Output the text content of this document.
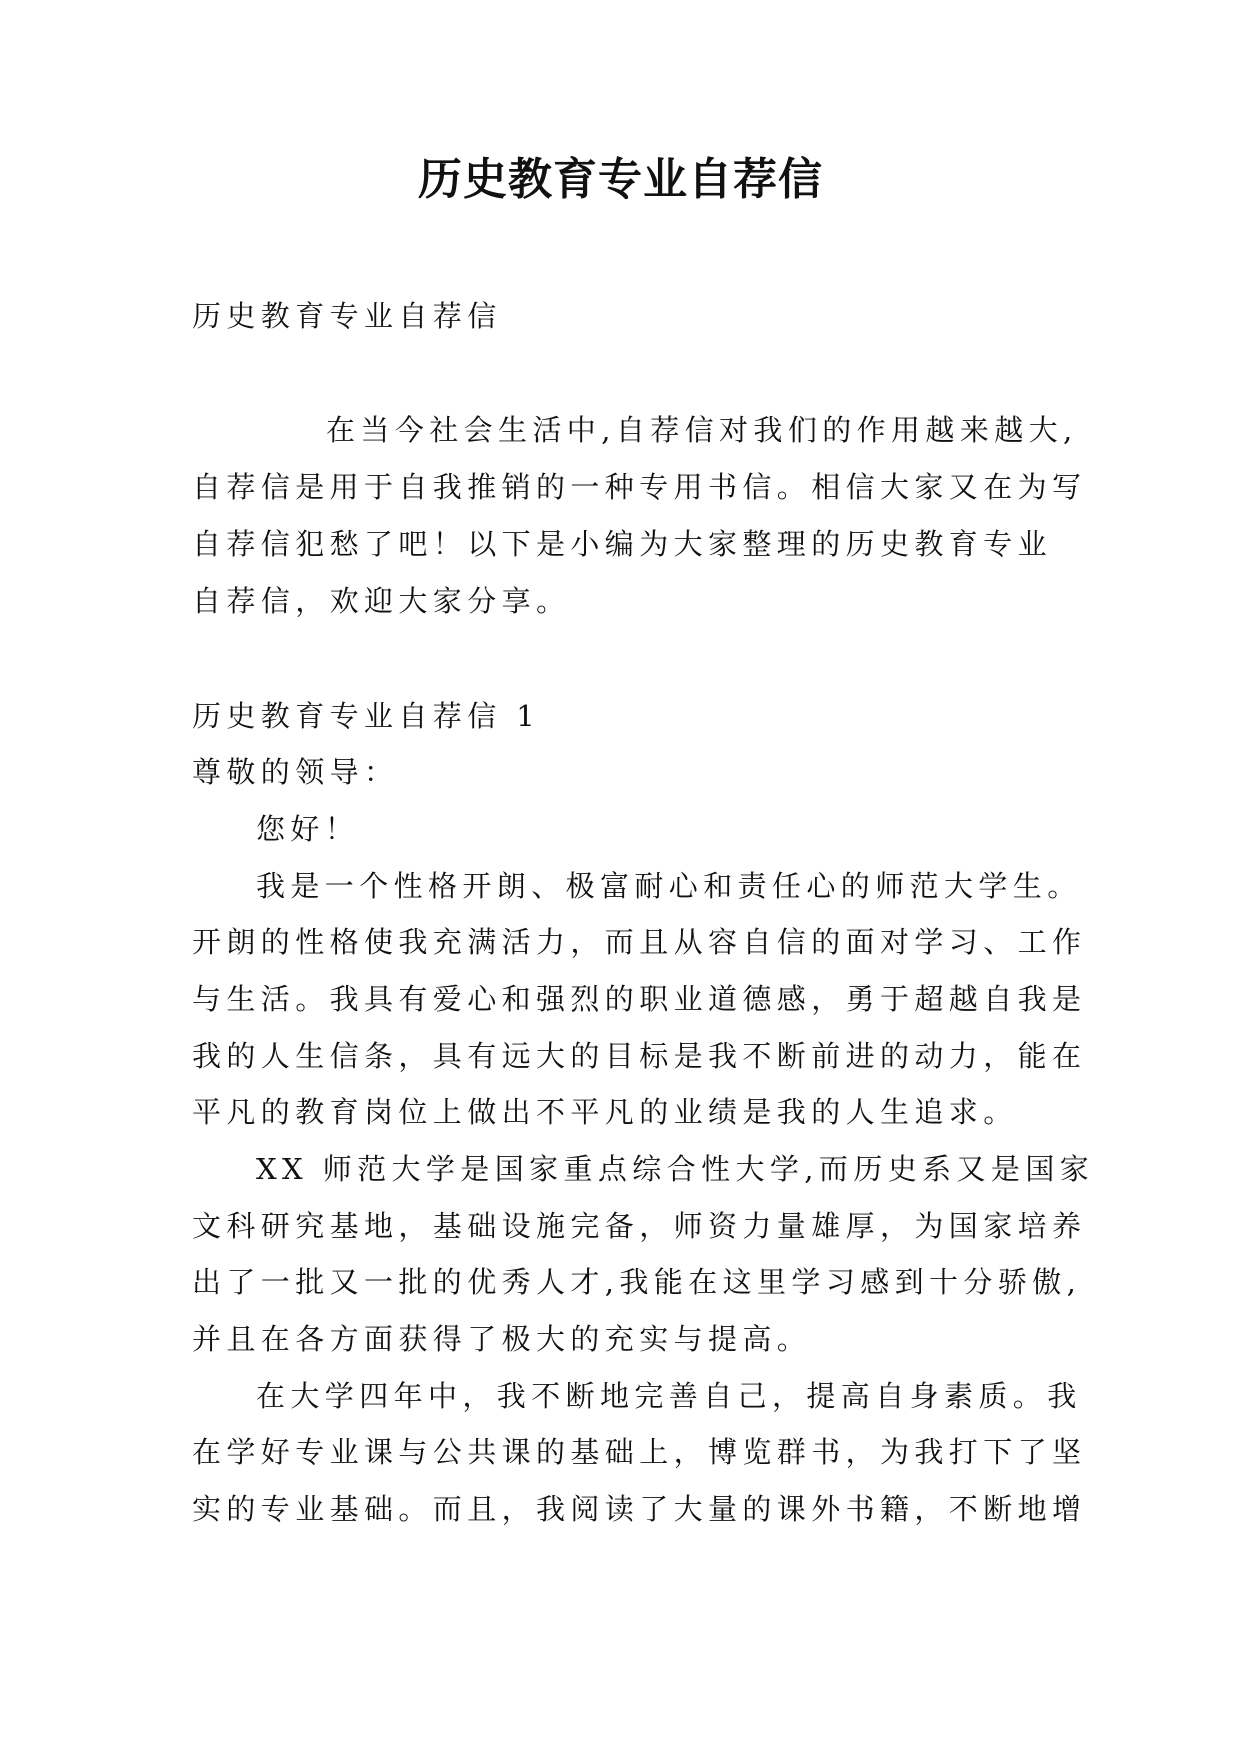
历史教育专业自荐信
历史教育专业自荐信
在当今社会生活中,自荐信对我们的作用越来越大,
自荐信是用于自我推销的一种专用书信。相信大家又在为写
自荐信犯愁了吧！以下是小编为大家整理的历史教育专业
自荐信，欢迎大家分享。
历史教育专业自荐信 1
尊敬的领导：
您好！
我是一个性格开朗、极富耐心和责任心的师范大学生。
开朗的性格使我充满活力，而且从容自信的面对学习、工作
与生活。我具有爱心和强烈的职业道德感，勇于超越自我是
我的人生信条，具有远大的目标是我不断前进的动力，能在
平凡的教育岗位上做出不平凡的业绩是我的人生追求。
XX 师范大学是国家重点综合性大学,而历史系又是国家
文科研究基地，基础设施完备，师资力量雄厚，为国家培养
出了一批又一批的优秀人才,我能在这里学习感到十分骄傲,
并且在各方面获得了极大的充实与提高。
在大学四年中，我不断地完善自己，提高自身素质。我
在学好专业课与公共课的基础上，博览群书，为我打下了坚
实的专业基础。而且，我阅读了大量的课外书籍，不断地增
